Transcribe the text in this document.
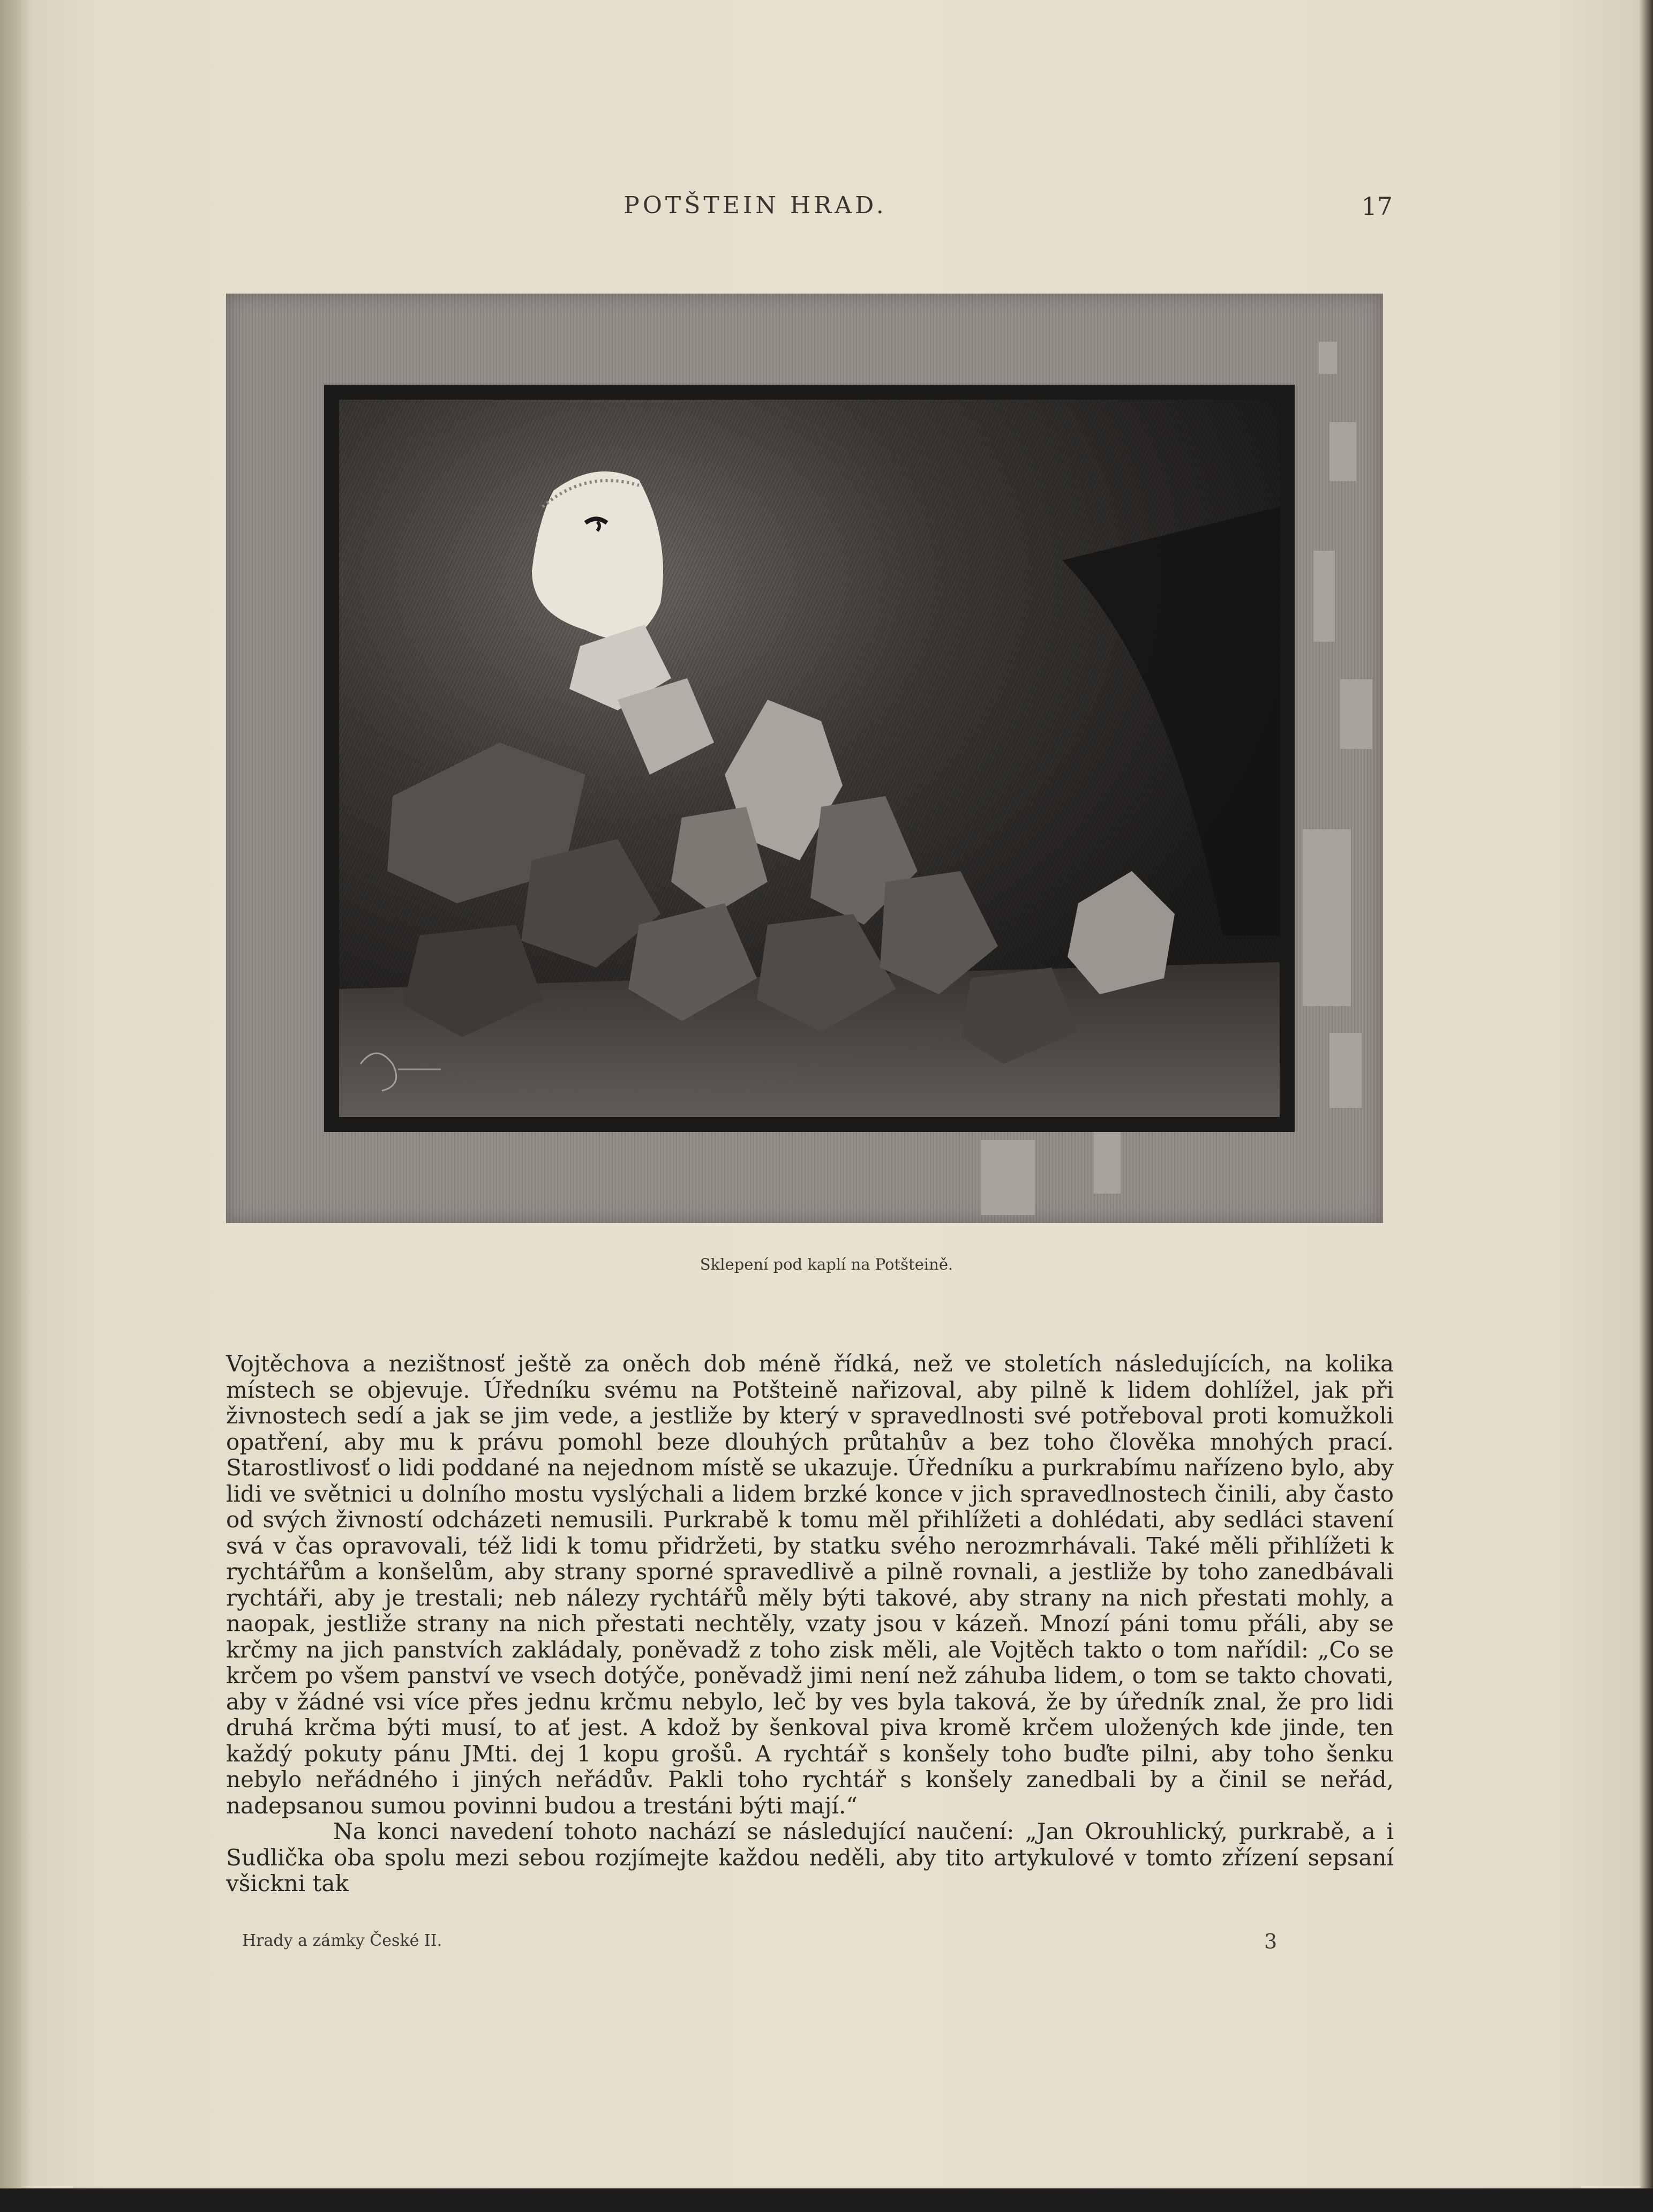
POTŠTEIN HRAD.	17
Sklepení pod kaplí na Potšteině.

Vojtěchova a nezištnosť ještě za oněch dob méně řídká, než ve stoletích následujících, na kolika místech se objevuje. Úředníku svému na Potšteině nařizoval, aby pilně k lidem dohlížel, jak při živnostech sedí a jak se jim vede, a jestliže by který v spravedlnosti své potřeboval proti komužkoli opatření, aby mu k právu pomohl beze dlouhých průtahův a bez toho člověka mnohých prací. Starostlivosť o lidi poddané na nejednom místě se ukazuje. Úředníku a purkrabímu nařízeno bylo, aby lidi ve světnici u dolního mostu vyslýchali a lidem brzké konce v jich spravedlnostech činili, aby často od svých živností odcházeti nemusili. Purkrabě k tomu měl přihlížeti a dohlédati, aby sedláci stavení svá v čas opravovali, též lidi k tomu přidržeti, by statku svého nerozmrhávali. Také měli přihlížeti k rychtářům a konšelům, aby strany sporné spravedlivě a pilně rovnali, a jestliže by toho zanedbávali rychtáři, aby je trestali; neb nálezy rychtářů měly býti takové, aby strany na nich přestati mohly, a naopak, jestliže strany na nich přestati nechtěly, vzaty jsou v kázeň. Mnozí páni tomu přáli, aby se krčmy na jich panstvích zakládaly, poněvadž z toho zisk měli, ale Vojtěch takto o tom nařídil: „Co se krčem po všem panství ve vsech dotýče, poněvadž jimi není než záhuba lidem, o tom se takto chovati, aby v žádné vsi více přes jednu krčmu nebylo, leč by ves byla taková, že by úředník znal, že pro lidi druhá krčma býti musí, to ať jest. A kdož by šenkoval piva kromě krčem uložených kde jinde, ten každý pokuty pánu JMti. dej 1 kopu grošů. A rychtář s konšely toho buďte pilni, aby toho šenku nebylo neřádného i jiných neřádův. Pakli toho rychtář s konšely zanedbali by a činil se neřád, nadepsanou sumou povinni budou a trestáni býti mají.“

Na konci navedení tohoto nachází se následující naučení: „Jan Okrouhlický, purkrabě, a i Sudlička oba spolu mezi sebou rozjímejte každou neděli, aby tito artykulové v tomto zřízení sepsaní všickni tak

Hrady a zámky České II.	3
